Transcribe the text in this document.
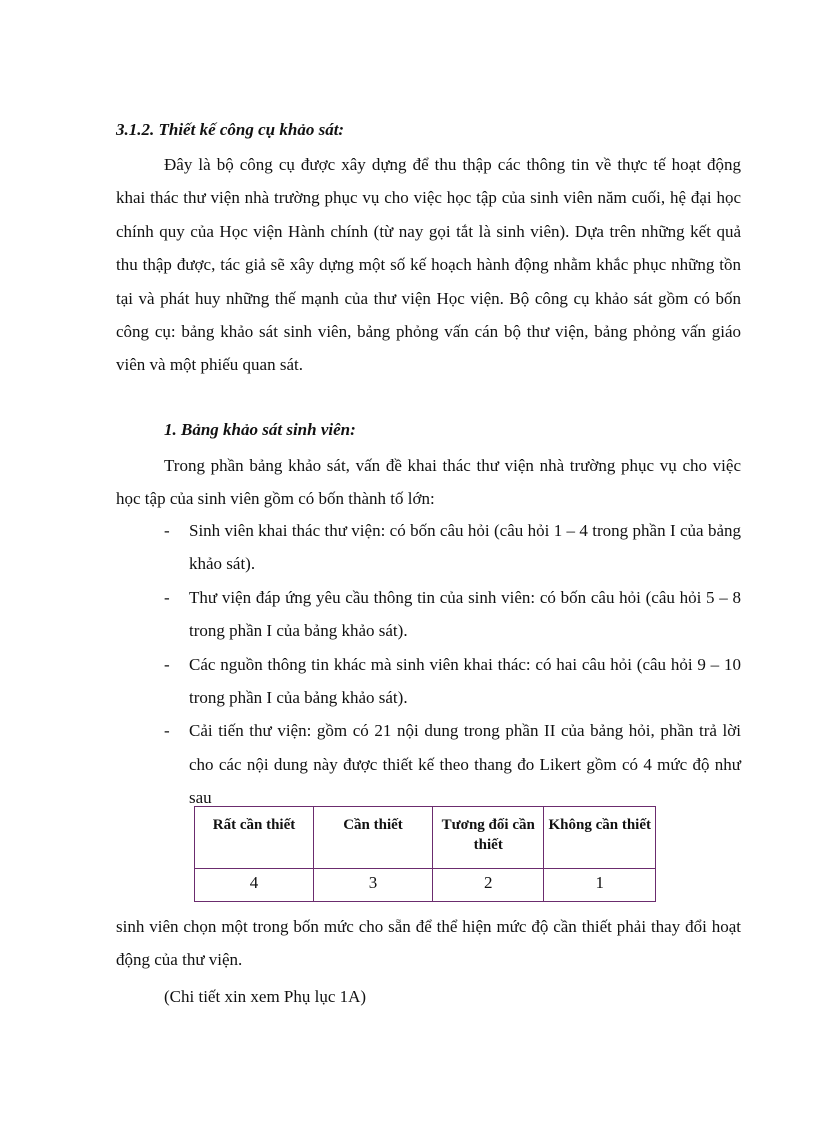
3.1.2. Thiết kế công cụ khảo sát:

Đây là bộ công cụ được xây dựng để thu thập các thông tin về thực tế hoạt động khai thác thư viện nhà trường phục vụ cho việc học tập của sinh viên năm cuối, hệ đại học chính quy của Học viện Hành chính (từ nay gọi tắt là sinh viên). Dựa trên những kết quả thu thập được, tác giả sẽ xây dựng một số kế hoạch hành động nhằm khắc phục những tồn tại và phát huy những thế mạnh của thư viện Học viện. Bộ công cụ khảo sát gồm có bốn công cụ: bảng khảo sát sinh viên, bảng phỏng vấn cán bộ thư viện, bảng phỏng vấn giáo viên và một phiếu quan sát.

1. Bảng khảo sát sinh viên:

Trong phần bảng khảo sát, vấn đề khai thác thư viện nhà trường phục vụ cho việc học tập của sinh viên gồm có bốn thành tố lớn:

- Sinh viên khai thác thư viện: có bốn câu hỏi (câu hỏi 1 – 4 trong phần I của bảng khảo sát).
- Thư viện đáp ứng yêu cầu thông tin của sinh viên: có bốn câu hỏi (câu hỏi 5 – 8 trong phần I của bảng khảo sát).
- Các nguồn thông tin khác mà sinh viên khai thác: có hai câu hỏi (câu hỏi 9 – 10 trong phần I của bảng khảo sát).
- Cải tiến thư viện: gồm có 21 nội dung trong phần II của bảng hỏi, phần trả lời cho các nội dung này được thiết kế theo thang đo Likert gồm có 4 mức độ như sau
Rất cần thiết	Cần thiết	Tương đối cần thiết	Không cần thiết
4	3	2	1

sinh viên chọn một trong bốn mức cho sẵn để thể hiện mức độ cần thiết phải thay đổi hoạt động của thư viện.

(Chi tiết xin xem Phụ lục 1A)
